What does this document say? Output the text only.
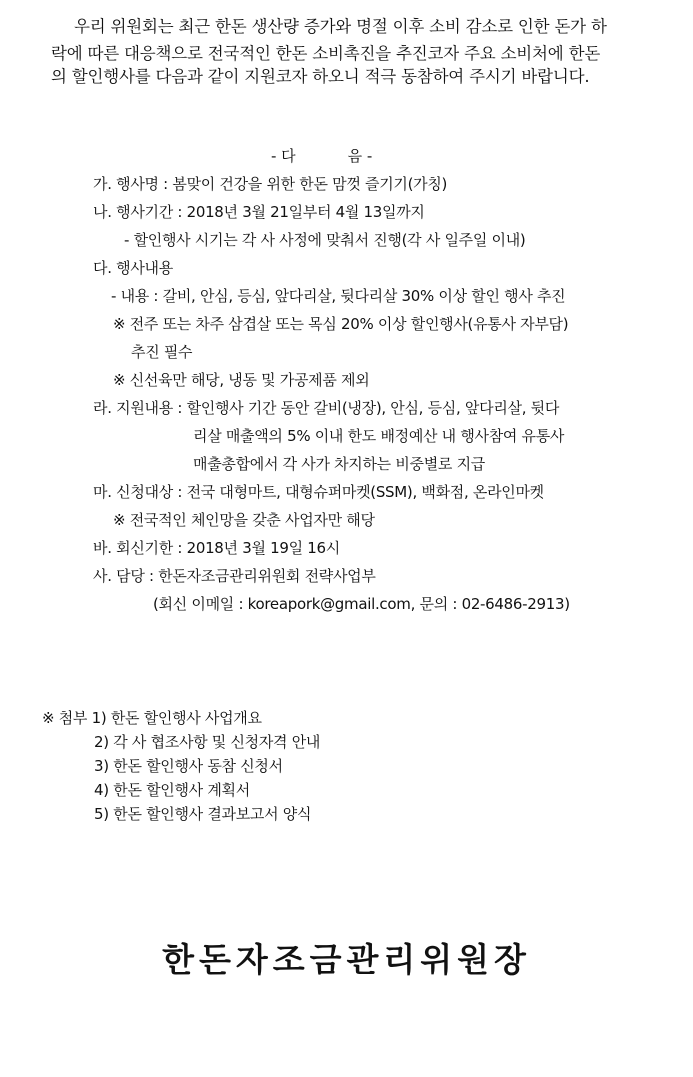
우리 위원회는 최근 한돈 생산량 증가와 명절 이후 소비 감소로 인한 돈가 하
락에 따른 대응책으로 전국적인 한돈 소비촉진을 추진코자 주요 소비처에 한돈
의 할인행사를 다음과 같이 지원코자 하오니 적극 동참하여 주시기 바랍니다.
- 다	음 -
가. 행사명 : 봄맞이 건강을 위한 한돈 맘껏 즐기기(가칭)
나. 행사기간 : 2018년 3월 21일부터 4월 13일까지
- 할인행사 시기는 각 사 사정에 맞춰서 진행(각 사 일주일 이내)
다. 행사내용
- 내용 : 갈비, 안심, 등심, 앞다리살, 뒷다리살 30% 이상 할인 행사 추진
※ 전주 또는 차주 삼겹살 또는 목심 20% 이상 할인행사(유통사 자부담)
추진 필수
※ 신선육만 해당, 냉동 및 가공제품 제외
라. 지원내용 : 할인행사 기간 동안 갈비(냉장), 안심, 등심, 앞다리살, 뒷다
리살 매출액의 5% 이내 한도 배정예산 내 행사참여 유통사
매출총합에서 각 사가 차지하는 비중별로 지급
마. 신청대상 : 전국 대형마트, 대형슈퍼마켓(SSM), 백화점, 온라인마켓
※ 전국적인 체인망을 갖춘 사업자만 해당
바. 회신기한 : 2018년 3월 19일 16시
사. 담당 : 한돈자조금관리위원회 전략사업부
(회신 이메일 : koreapork@gmail.com, 문의 : 02-6486-2913)
※ 첨부 1) 한돈 할인행사 사업개요
2) 각 사 협조사항 및 신청자격 안내
3) 한돈 할인행사 동참 신청서
4) 한돈 할인행사 계획서
5) 한돈 할인행사 결과보고서 양식
한돈자조금관리위원장
